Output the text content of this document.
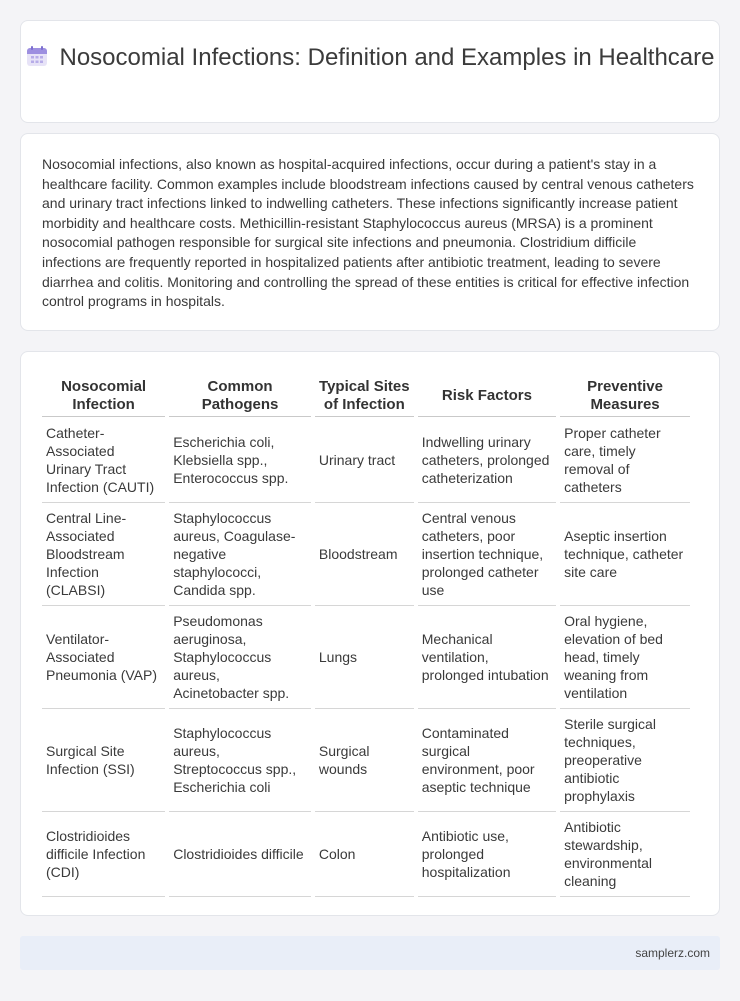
Nosocomial Infections: Definition and Examples in Healthcare

Nosocomial infections, also known as hospital-acquired infections, occur during a patient's stay in a healthcare facility. Common examples include bloodstream infections caused by central venous catheters and urinary tract infections linked to indwelling catheters. These infections significantly increase patient morbidity and healthcare costs. Methicillin-resistant Staphylococcus aureus (MRSA) is a prominent nosocomial pathogen responsible for surgical site infections and pneumonia. Clostridium difficile infections are frequently reported in hospitalized patients after antibiotic treatment, leading to severe diarrhea and colitis. Monitoring and controlling the spread of these entities is critical for effective infection control programs in hospitals.

Nosocomial Infection	Common Pathogens	Typical Sites of Infection	Risk Factors	Preventive Measures
Catheter-Associated Urinary Tract Infection (CAUTI)	Escherichia coli, Klebsiella spp., Enterococcus spp.	Urinary tract	Indwelling urinary catheters, prolonged catheterization	Proper catheter care, timely removal of catheters
Central Line-Associated Bloodstream Infection (CLABSI)	Staphylococcus aureus, Coagulase-negative staphylococci, Candida spp.	Bloodstream	Central venous catheters, poor insertion technique, prolonged catheter use	Aseptic insertion technique, catheter site care
Ventilator-Associated Pneumonia (VAP)	Pseudomonas aeruginosa, Staphylococcus aureus, Acinetobacter spp.	Lungs	Mechanical ventilation, prolonged intubation	Oral hygiene, elevation of bed head, timely weaning from ventilation
Surgical Site Infection (SSI)	Staphylococcus aureus, Streptococcus spp., Escherichia coli	Surgical wounds	Contaminated surgical environment, poor aseptic technique	Sterile surgical techniques, preoperative antibiotic prophylaxis
Clostridioides difficile Infection (CDI)	Clostridioides difficile	Colon	Antibiotic use, prolonged hospitalization	Antibiotic stewardship, environmental cleaning
samplerz.com
